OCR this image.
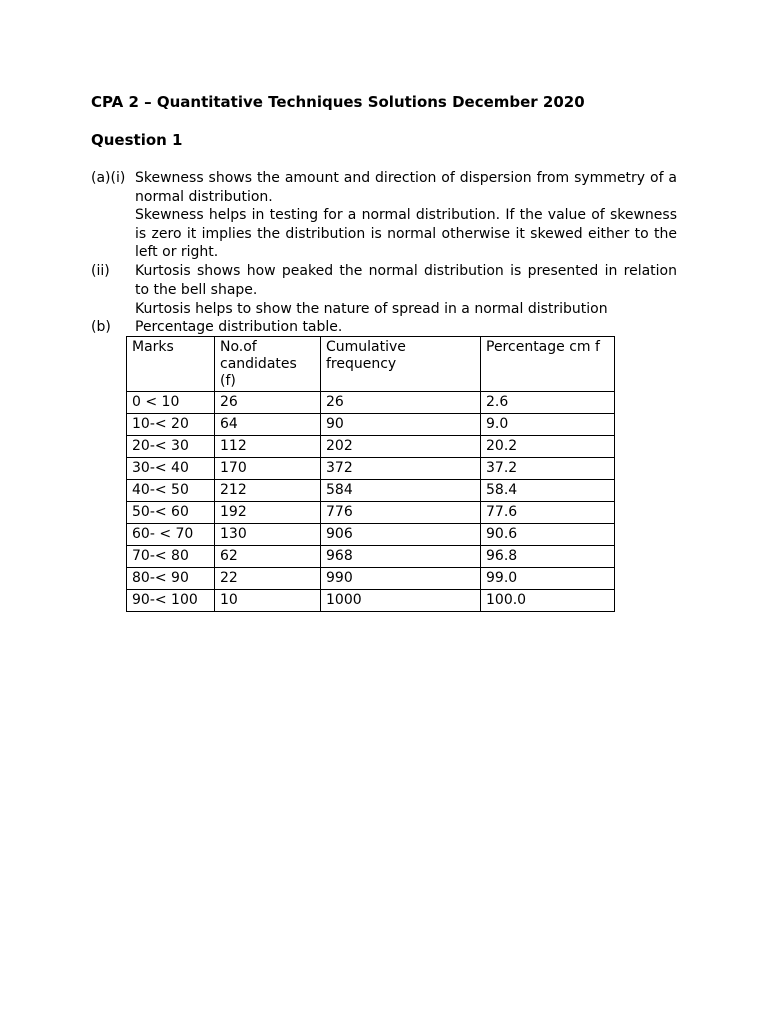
CPA 2 – Quantitative Techniques Solutions December 2020
Question 1
(a)(i) Skewness shows the amount and direction of dispersion from symmetry of a normal distribution.
Skewness helps in testing for a normal distribution. If the value of skewness is zero it implies the distribution is normal otherwise it skewed either to the left or right.
(ii) Kurtosis shows how peaked the normal distribution is presented in relation to the bell shape.
Kurtosis helps to show the nature of spread in a normal distribution
(b) Percentage distribution table.
Marks	No.of candidates (f)	Cumulative frequency	Percentage cm f
0 < 10	26	26	2.6
10-< 20	64	90	9.0
20-< 30	112	202	20.2
30-< 40	170	372	37.2
40-< 50	212	584	58.4
50-< 60	192	776	77.6
60- < 70	130	906	90.6
70-< 80	62	968	96.8
80-< 90	22	990	99.0
90-< 100	10	1000	100.0
